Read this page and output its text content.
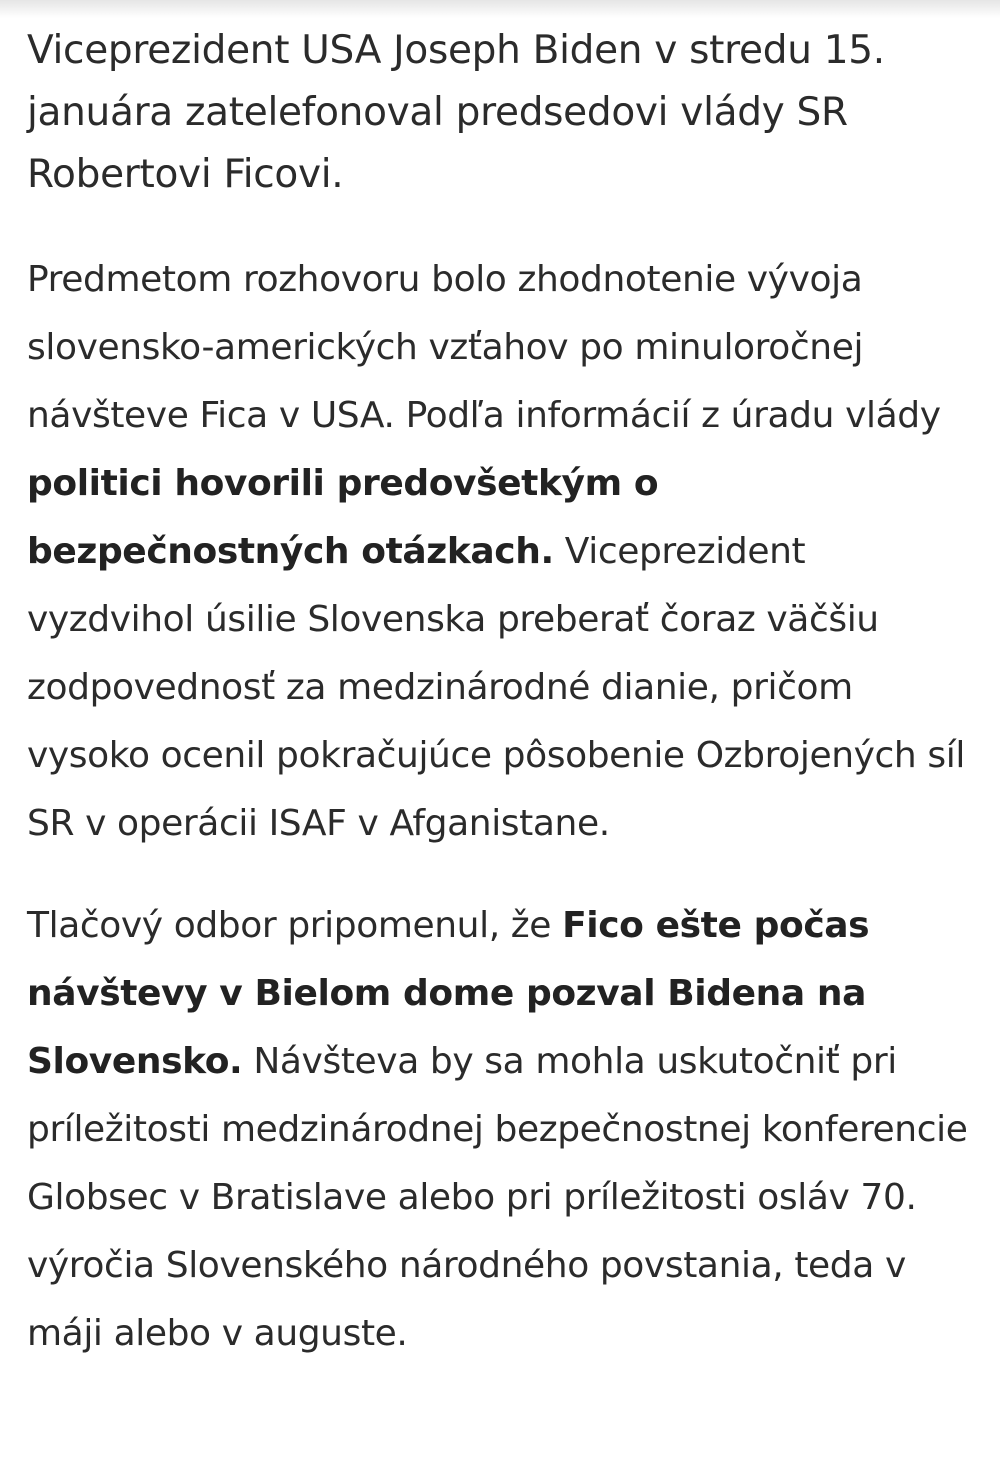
Viceprezident USA Joseph Biden v stredu 15. januára zatelefonoval predsedovi vlády SR Robertovi Ficovi.

Predmetom rozhovoru bolo zhodnotenie vývoja slovensko-amerických vzťahov po minuloročnej návšteve Fica v USA. Podľa informácií z úradu vlády politici hovorili predovšetkým o bezpečnostných otázkach. Viceprezident vyzdvihol úsilie Slovenska preberať čoraz väčšiu zodpovednosť za medzinárodné dianie, pričom vysoko ocenil pokračujúce pôsobenie Ozbrojených síl SR v operácii ISAF v Afganistane.

Tlačový odbor pripomenul, že Fico ešte počas návštevy v Bielom dome pozval Bidena na Slovensko. Návšteva by sa mohla uskutočniť pri príležitosti medzinárodnej bezpečnostnej konferencie Globsec v Bratislave alebo pri príležitosti osláv 70. výročia Slovenského národného povstania, teda v máji alebo v auguste.
